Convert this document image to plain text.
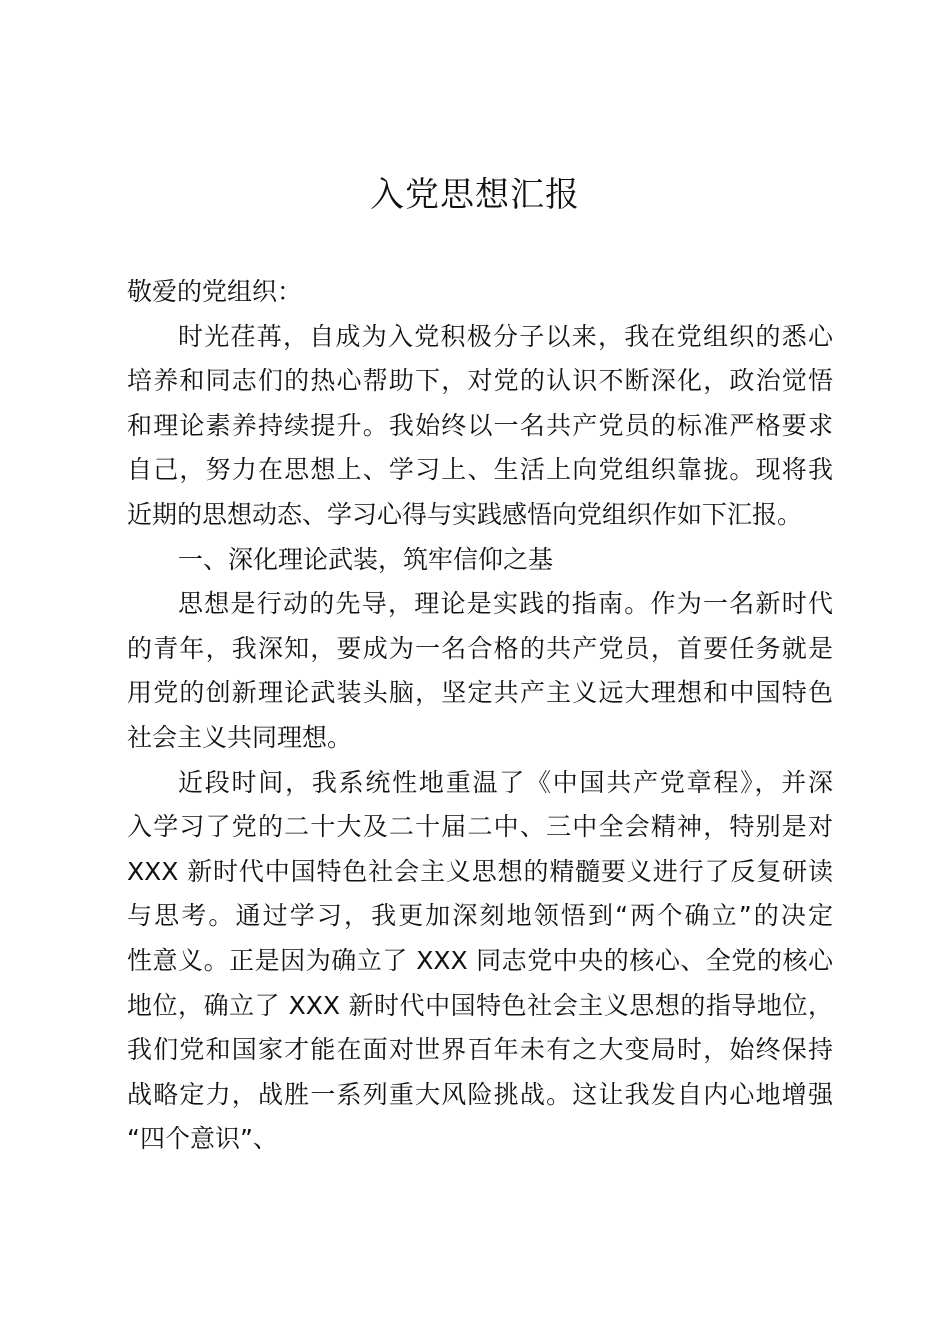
入党思想汇报
敬爱的党组织：
时光荏苒，自成为入党积极分子以来，我在党组织的悉心
培养和同志们的热心帮助下，对党的认识不断深化，政治觉悟
和理论素养持续提升。我始终以一名共产党员的标准严格要求
自己，努力在思想上、学习上、生活上向党组织靠拢。现将我
近期的思想动态、学习心得与实践感悟向党组织作如下汇报。
一、深化理论武装，筑牢信仰之基
思想是行动的先导，理论是实践的指南。作为一名新时代
的青年，我深知，要成为一名合格的共产党员，首要任务就是
用党的创新理论武装头脑，坚定共产主义远大理想和中国特色
社会主义共同理想。
近段时间，我系统性地重温了《中国共产党章程》，并深
入学习了党的二十大及二十届二中、三中全会精神，特别是对
XXX 新时代中国特色社会主义思想的精髓要义进行了反复研读
与思考。通过学习，我更加深刻地领悟到“两个确立”的决定
性意义。正是因为确立了 XXX 同志党中央的核心、全党的核心
地位，确立了 XXX 新时代中国特色社会主义思想的指导地位，
我们党和国家才能在面对世界百年未有之大变局时，始终保持
战略定力，战胜一系列重大风险挑战。这让我发自内心地增强
“四个意识”、
